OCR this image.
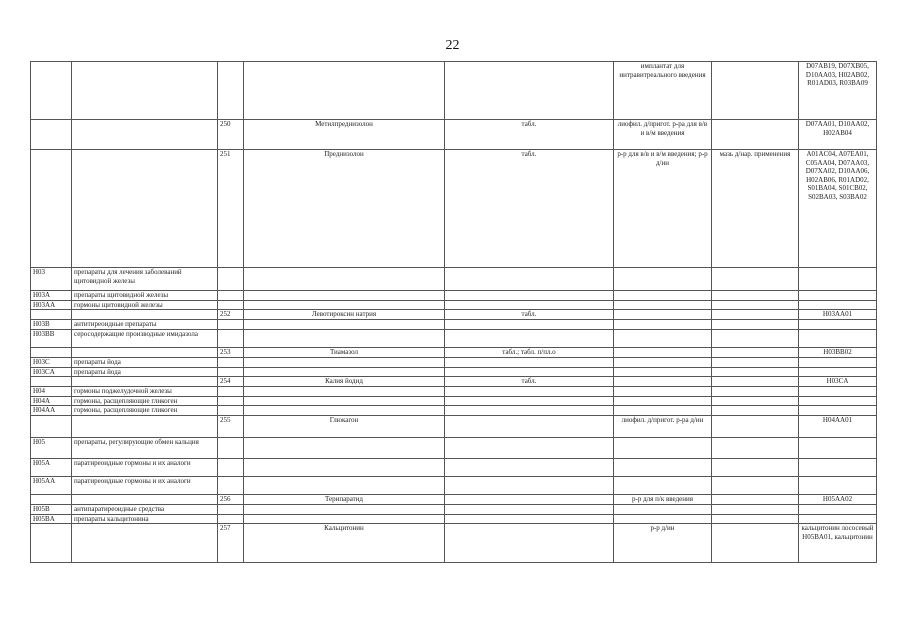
22
					имплантат для интравитреального введения		D07AB19, D07XB05, D10AA03, H02AB02, R01AD03, R03BA09
		250	Метилпреднизолон	табл.	лиофил. д/пригот. р-ра для в/в и в/м введения		D07AA01, D10AA02, H02AB04
		251	Преднизолон	табл.	р-р для в/в и в/м введения; р-р д/ин	мазь д/нар. применения	A01AC04, A07EA01, C05AA04, D07AA03, D07XA02, D10AA06, H02AB06, R01AD02, S01BA04, S01CB02, S02BA03, S03BA02
H03	препараты для лечения заболеваний щитовидной железы						
H03A	препараты щитовидной железы						
H03AA	гормоны щитовидной железы						
		252	Левотироксин натрия	табл.			H03AA01
H03B	антитиреоидные препараты						
H03BB	серосодержащие производные имидазола						
		253	Тиамазол	табл.; табл. п/пл.о			H03BB02
H03C	препараты йода						
H03CA	препараты йода						
		254	Калия йодид	табл.			H03CA
H04	гормоны поджелудочной железы						
H04A	гормоны, расщепляющие гликоген						
H04AA	гормоны, расщепляющие гликоген						
		255	Глюкагон		лиофил. д/пригот. р-ра д/ин		H04AA01
H05	препараты, регулирующие обмен кальция						
H05A	паратиреоидные гормоны и их аналоги						
H05AA	паратиреоидные гормоны и их аналоги						
		256	Терипаратид		р-р для п/к введения		H05AA02
H05B	антипаратиреоидные средства						
H05BA	препараты кальцитонина						
		257	Кальцитонин		р-р д/ин		кальцитонин лососевый H05BA01, кальцитонин
